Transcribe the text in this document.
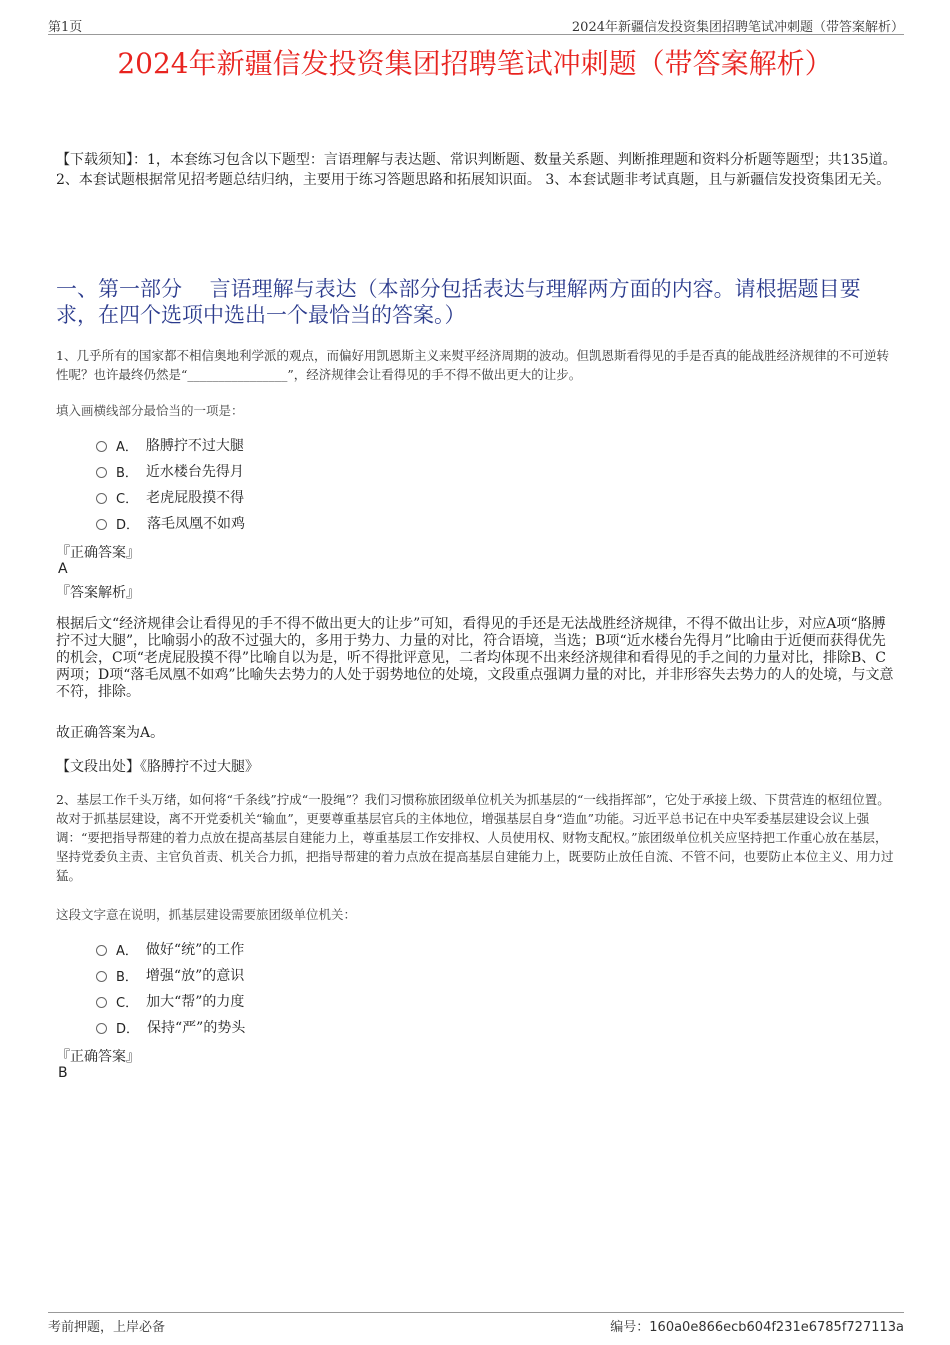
第1页	2024年新疆信发投资集团招聘笔试冲刺题（带答案解析）
2024年新疆信发投资集团招聘笔试冲刺题（带答案解析）
【下载须知】：1，本套练习包含以下题型：言语理解与表达题、常识判断题、数量关系题、判断推理题和资料分析题等题型；共135道。 2、本套试题根据常见招考题总结归纳，主要用于练习答题思路和拓展知识面。 3、本套试题非考试真题，且与新疆信发投资集团无关。
一、第一部分　 言语理解与表达（本部分包括表达与理解两方面的内容。请根据题目要求，在四个选项中选出一个最恰当的答案。）
1、几乎所有的国家都不相信奥地利学派的观点，而偏好用凯恩斯主义来熨平经济周期的波动。但凯恩斯看得见的手是否真的能战胜经济规律的不可逆转性呢？也许最终仍然是“________________”，经济规律会让看得见的手不得不做出更大的让步。
填入画横线部分最恰当的一项是：
A． 胳膊拧不过大腿
B． 近水楼台先得月
C． 老虎屁股摸不得
D． 落毛凤凰不如鸡
『正确答案』
A
『答案解析』
根据后文“经济规律会让看得见的手不得不做出更大的让步”可知，看得见的手还是无法战胜经济规律，不得不做出让步，对应A项“胳膊拧不过大腿”，比喻弱小的敌不过强大的，多用于势力、力量的对比，符合语境，当选；B项“近水楼台先得月”比喻由于近便而获得优先的机会，C项“老虎屁股摸不得”比喻自以为是，听不得批评意见，二者均体现不出来经济规律和看得见的手之间的力量对比，排除B、C两项；D项“落毛凤凰不如鸡”比喻失去势力的人处于弱势地位的处境，文段重点强调力量的对比，并非形容失去势力的人的处境，与文意不符，排除。
故正确答案为A。
【文段出处】《胳膊拧不过大腿》
2、基层工作千头万绪，如何将“千条线”拧成“一股绳”？我们习惯称旅团级单位机关为抓基层的“一线指挥部”，它处于承接上级、下贯营连的枢纽位置。故对于抓基层建设，离不开党委机关“输血”，更要尊重基层官兵的主体地位，增强基层自身“造血”功能。习近平总书记在中央军委基层建设会议上强调：“要把指导帮建的着力点放在提高基层自建能力上，尊重基层工作安排权、人员使用权、财物支配权。”旅团级单位机关应坚持把工作重心放在基层，坚持党委负主责、主官负首责、机关合力抓，把指导帮建的着力点放在提高基层自建能力上，既要防止放任自流、不管不问，也要防止本位主义、用力过猛。
这段文字意在说明，抓基层建设需要旅团级单位机关：
A． 做好“统”的工作
B． 增强“放”的意识
C． 加大“帮”的力度
D． 保持“严”的势头
『正确答案』
B
考前押题，上岸必备	编号：160a0e866ecb604f231e6785f727113a
